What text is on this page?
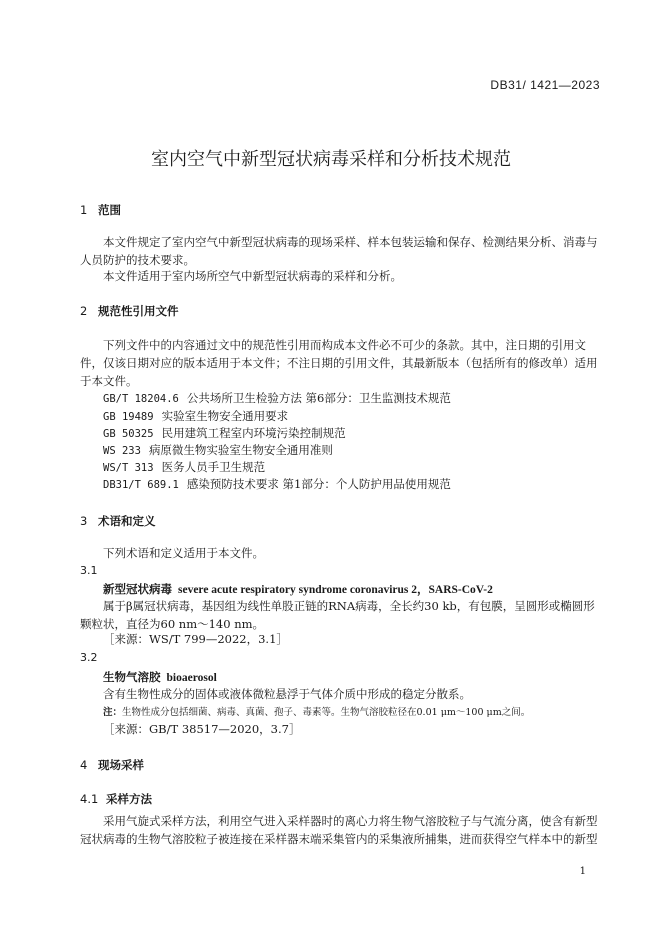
DB31/ 1421—2023
室内空气中新型冠状病毒采样和分析技术规范
1 范围
本文件规定了室内空气中新型冠状病毒的现场采样、样本包装运输和保存、检测结果分析、消毒与人员防护的技术要求。
本文件适用于室内场所空气中新型冠状病毒的采样和分析。
2 规范性引用文件
下列文件中的内容通过文中的规范性引用而构成本文件必不可少的条款。其中，注日期的引用文件，仅该日期对应的版本适用于本文件；不注日期的引用文件，其最新版本（包括所有的修改单）适用于本文件。
GB/T 18204.6 公共场所卫生检验方法 第6部分：卫生监测技术规范
GB 19489 实验室生物安全通用要求
GB 50325 民用建筑工程室内环境污染控制规范
WS 233 病原微生物实验室生物安全通用准则
WS/T 313 医务人员手卫生规范
DB31/T 689.1 感染预防技术要求 第1部分：个人防护用品使用规范
3 术语和定义
下列术语和定义适用于本文件。
3.1
新型冠状病毒 severe acute respiratory syndrome coronavirus 2，SARS-CoV-2
属于β属冠状病毒，基因组为线性单股正链的RNA病毒，全长约30 kb，有包膜，呈圆形或椭圆形颗粒状，直径为60 nm～140 nm。
［来源：WS/T 799—2022，3.1］
3.2
生物气溶胶 bioaerosol
含有生物性成分的固体或液体微粒悬浮于气体介质中形成的稳定分散系。
注：生物性成分包括细菌、病毒、真菌、孢子、毒素等。生物气溶胶粒径在0.01 μm～100 μm之间。
［来源：GB/T 38517—2020，3.7］
4 现场采样
4.1 采样方法
采用气旋式采样方法，利用空气进入采样器时的离心力将生物气溶胶粒子与气流分离，使含有新型冠状病毒的生物气溶胶粒子被连接在采样器末端采集管内的采集液所捕集，进而获得空气样本中的新型
1
